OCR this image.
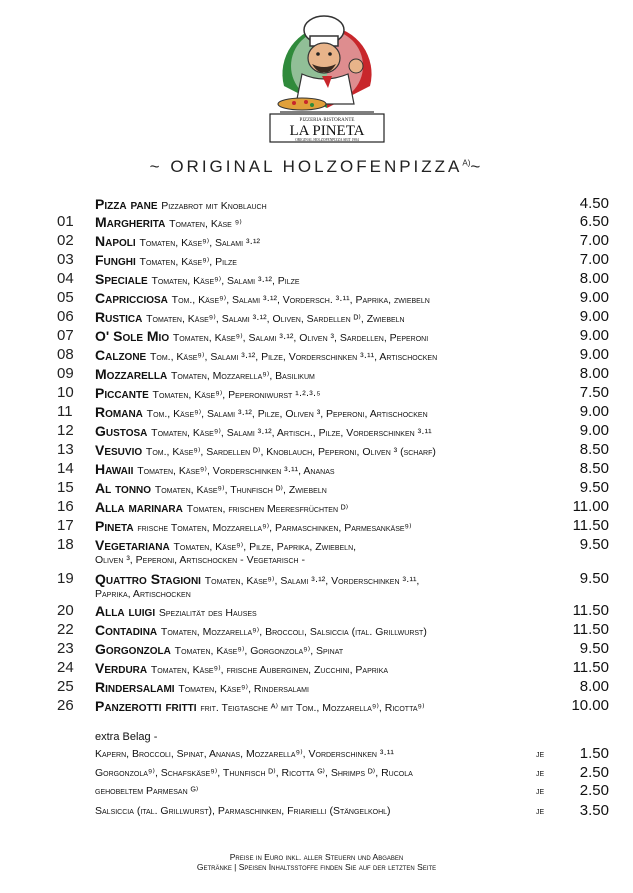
PIZZERIA·RISTORANTE
LA PINETA
ORIGINAL HOLZOFENPIZZA SEIT 1984
~ ORIGINAL $HOLZOFENPIZZA^{A)}\sim$
Pizza pane Pizzabrot mit Knoblauch	4.50
01	Margherita Tomaten, Käse ⁹⁾	6.50
02	Napoli Tomaten, Käse⁹⁾, Salami ³·¹²	7.00
03	Funghi Tomaten, Käse⁹⁾, Pilze	7.00
04	Speciale Tomaten, Käse⁹⁾, Salami ³·¹², Pilze	8.00
05	Capricciosa Tom., Käse⁹⁾, Salami ³·¹², Vordersch. ³·¹¹, Paprika, zwiebeln	9.00
06	Rustica Tomaten, Käse⁹⁾, Salami ³·¹², Oliven, Sardellen ᴰ⁾, Zwiebeln	9.00
07	O' Sole Mio Tomaten, Käse⁹⁾, Salami ³·¹², Oliven ³, Sardellen, Peperoni	9.00
08	Calzone Tom., Käse⁹⁾, Salami ³·¹², Pilze, Vorderschinken ³·¹¹, Artischocken	9.00
09	Mozzarella Tomaten, Mozzarella⁹⁾, Basilikum	8.00
10	Piccante Tomaten, Käse⁹⁾, Peperoniwurst ¹·²·³·⁵	7.50
11	Romana Tom., Käse⁹⁾, Salami ³·¹², Pilze, Oliven ³, Peperoni, Artischocken	9.00
12	Gustosa Tomaten, Käse⁹⁾, Salami ³·¹², Artisch., Pilze, Vorderschinken ³·¹¹	9.00
13	Vesuvio Tom., Käse⁹⁾, Sardellen ᴰ⁾, Knoblauch, Peperoni, Oliven ³ (scharf)	8.50
14	Hawaii Tomaten, Käse⁹⁾, Vorderschinken ³·¹¹, Ananas	8.50
15	Al tonno Tomaten, Käse⁹⁾, Thunfisch ᴰ⁾, Zwiebeln	9.50
16	Alla marinara Tomaten, frischen Meeresfrüchten ᴰ⁾	11.00
17	Pineta frische Tomaten, Mozzarella⁹⁾, Parmaschinken, Parmesankäse⁹⁾	11.50
18	Vegetariana Tomaten, Käse⁹⁾, Pilze, Paprika, Zwiebeln,
Oliven ³, Peperoni, Artischocken - Vegetarisch -
9.50
19	Quattro Stagioni Tomaten, Käse⁹⁾, Salami ³·¹², Vorderschinken ³·¹¹,
Paprika, Artischocken
9.50
20	Alla luigi Spezialität des Hauses	11.50
22	Contadina Tomaten, Mozzarella⁹⁾, Broccoli, Salsiccia (ital. Grillwurst)	11.50
23	Gorgonzola Tomaten, Käse⁹⁾, Gorgonzola⁹⁾, Spinat	9.50
24	Verdura Tomaten, Käse⁹⁾, frische Auberginen, Zucchini, Paprika	11.50
25	Rindersalami Tomaten, Käse⁹⁾, Rindersalami	8.00
26	Panzerotti fritti frit. Teigtasche ᴬ⁾ mit Tom., Mozzarella⁹⁾, Ricotta⁹⁾	10.00
extra Belag -
Kapern, Broccoli, Spinat, Ananas, Mozzarella⁹⁾, Vorderschinken ³·¹¹	je 1.50
Gorgonzola⁹⁾, Schafskäse⁹⁾, Thunfisch ᴰ⁾, Ricotta ᴳ⁾, Shrimps ᴰ⁾, Rucola	je 2.50
gehobeltem Parmesan ᴳ⁾	je 2.50
Salsiccia (ital. Grillwurst), Parmaschinken, Friarielli (Stängelkohl)	je 3.50
Preise in Euro inkl. aller Steuern und Abgaben
Getränke | Speisen Inhaltsstoffe finden Sie auf der letzten Seite
